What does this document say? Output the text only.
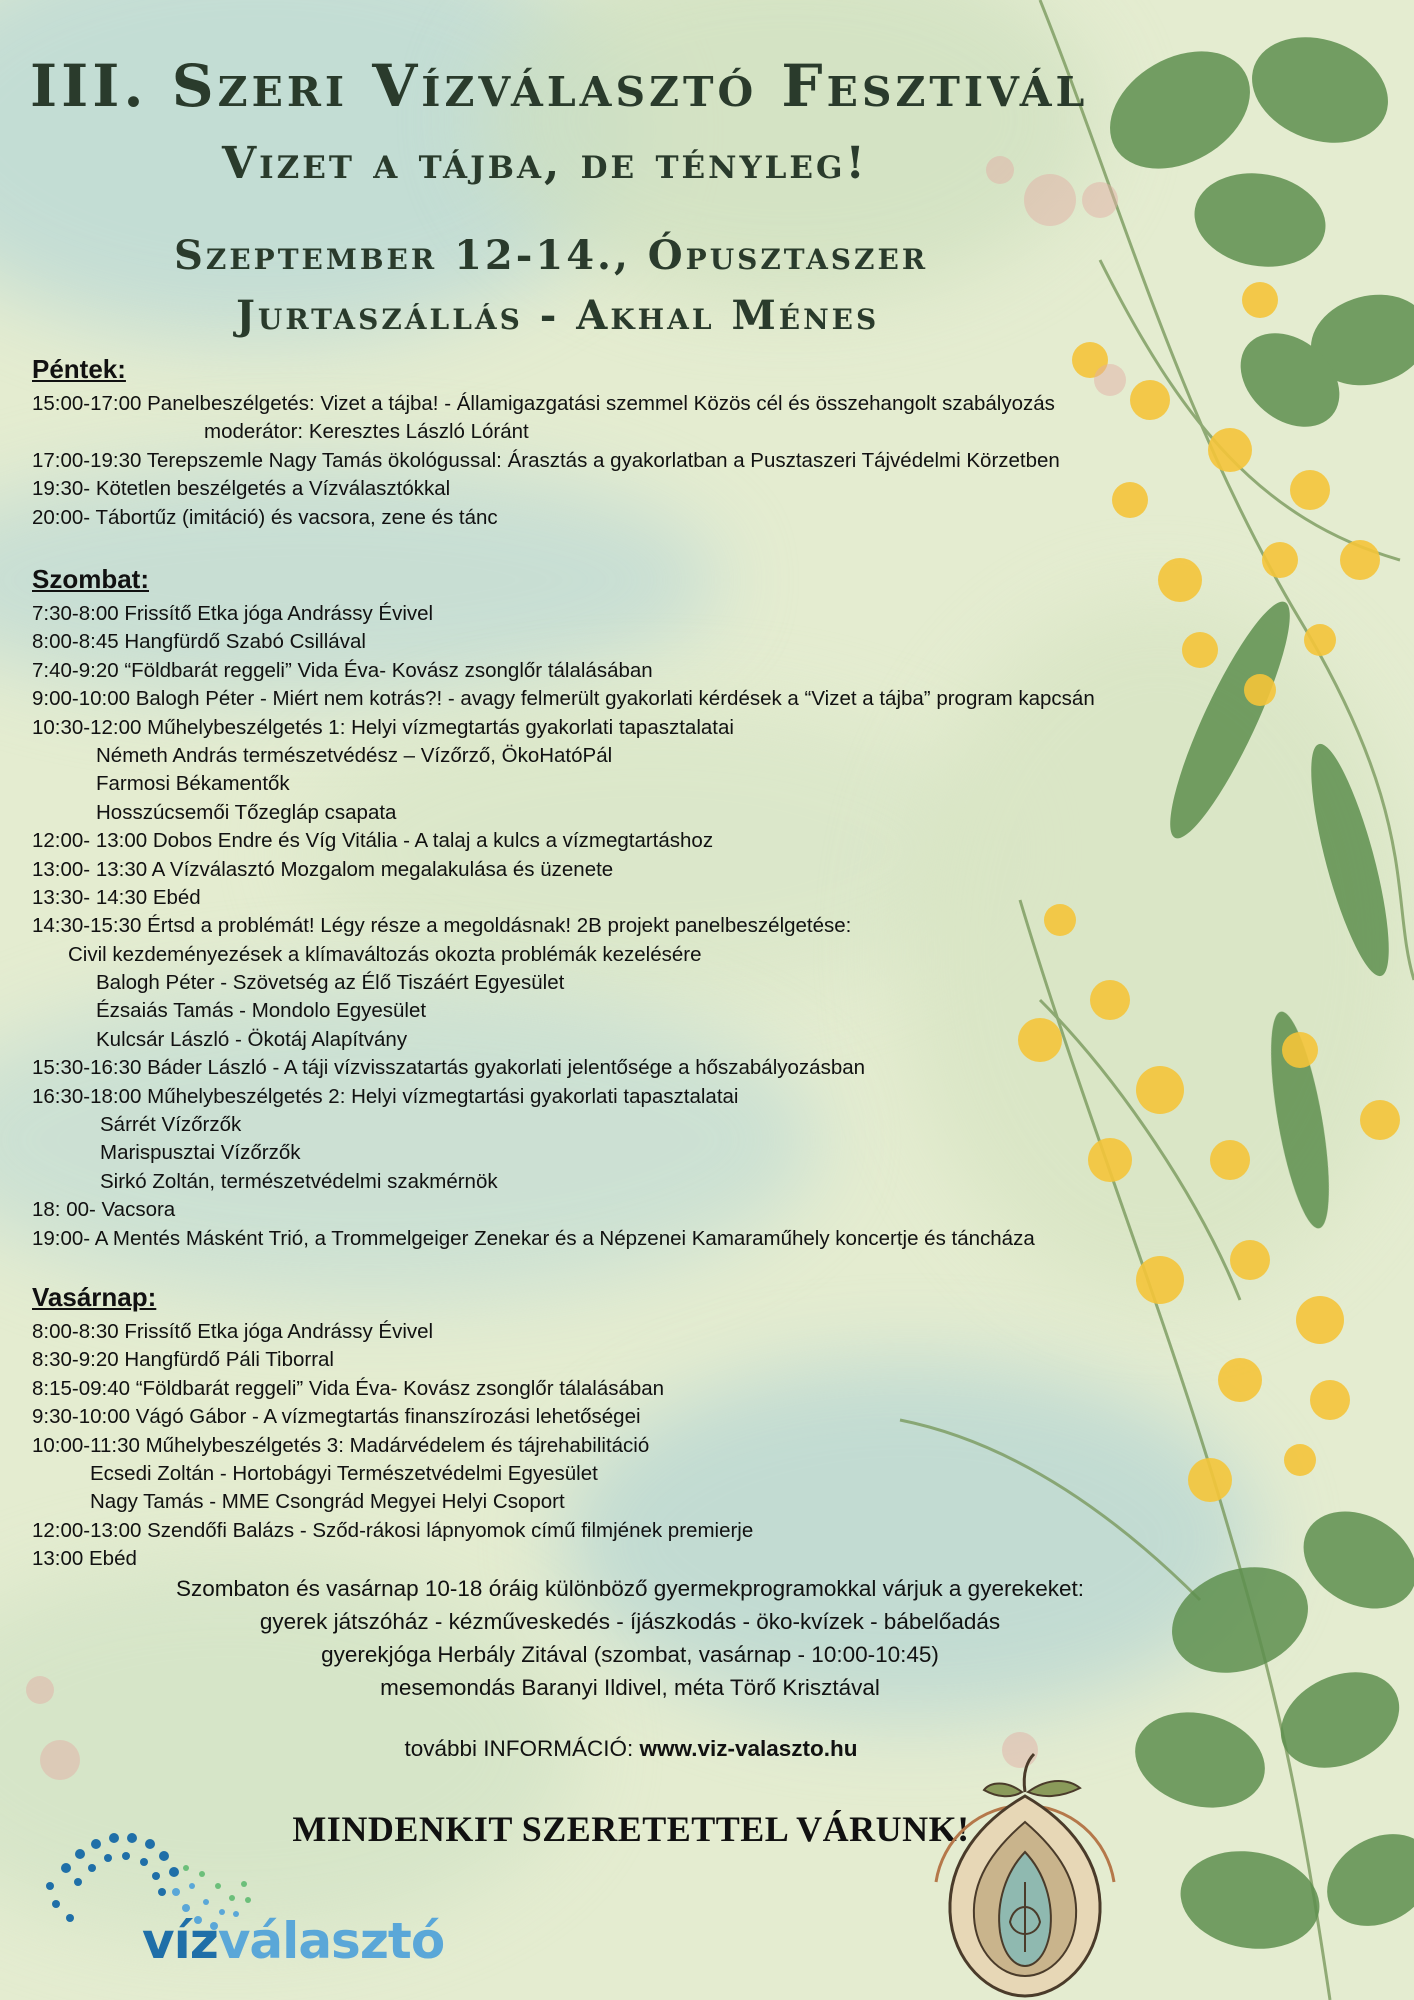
III. Szeri Vízválasztó Fesztivál
Vizet a tájba, de tényleg!
Szeptember 12-14., Ópusztaszer
Jurtaszállás - Akhal Ménes
Péntek:
15:00-17:00 Panelbeszélgetés: Vizet a tájba! - Államigazgatási szemmel Közös cél és összehangolt szabályozás
moderátor: Keresztes László Lóránt
17:00-19:30 Terepszemle Nagy Tamás ökológussal: Árasztás a gyakorlatban a Pusztaszeri Tájvédelmi Körzetben
19:30- Kötetlen beszélgetés a Vízválasztókkal
20:00- Tábortűz (imitáció) és vacsora, zene és tánc
Szombat:
7:30-8:00 Frissítő Etka jóga Andrássy Évivel
8:00-8:45 Hangfürdő Szabó Csillával
7:40-9:20 “Földbarát reggeli” Vida Éva- Kovász zsonglőr tálalásában
9:00-10:00 Balogh Péter - Miért nem kotrás?! - avagy felmerült gyakorlati kérdések a “Vizet a tájba” program kapcsán
10:30-12:00 Műhelybeszélgetés 1: Helyi vízmegtartás gyakorlati tapasztalatai
Németh András természetvédész – Vízőrző, ÖkoHatóPál
Farmosi Békamentők
Hosszúcsemői Tőzegláp csapata
12:00- 13:00 Dobos Endre és Víg Vitália - A talaj a kulcs a vízmegtartáshoz
13:00- 13:30 A Vízválasztó Mozgalom megalakulása és üzenete
13:30- 14:30 Ebéd
14:30-15:30 Értsd a problémát! Légy része a megoldásnak! 2B projekt panelbeszélgetése:
Civil kezdeményezések a klímaváltozás okozta problémák kezelésére
Balogh Péter - Szövetség az Élő Tiszáért Egyesület
Ézsaiás Tamás - Mondolo Egyesület
Kulcsár László - Ökotáj Alapítvány
15:30-16:30 Báder László - A táji vízvisszatartás gyakorlati jelentősége a hőszabályozásban
16:30-18:00 Műhelybeszélgetés 2: Helyi vízmegtartási gyakorlati tapasztalatai
Sárrét Vízőrzők
Marispusztai Vízőrzők
Sirkó Zoltán, természetvédelmi szakmérnök
18: 00- Vacsora
19:00- A Mentés Másként Trió, a Trommelgeiger Zenekar és a Népzenei Kamaraműhely koncertje és táncháza
Vasárnap:
8:00-8:30 Frissítő Etka jóga Andrássy Évivel
8:30-9:20 Hangfürdő Páli Tiborral
8:15-09:40 “Földbarát reggeli” Vida Éva- Kovász zsonglőr tálalásában
9:30-10:00 Vágó Gábor - A vízmegtartás finanszírozási lehetőségei
10:00-11:30 Műhelybeszélgetés 3: Madárvédelem és tájrehabilitáció
Ecsedi Zoltán - Hortobágyi Természetvédelmi Egyesület
Nagy Tamás - MME Csongrád Megyei Helyi Csoport
12:00-13:00 Szendőfi Balázs - Sződ-rákosi lápnyomok című filmjének premierje
13:00 Ebéd
Szombaton és vasárnap 10-18 óráig különböző gyermekprogramokkal várjuk a gyerekeket:
gyerek játszóház - kézműveskedés - íjászkodás - öko-kvízek - bábelőadás
gyerekjóga Herbály Zitával (szombat, vasárnap - 10:00-10:45)
mesemondás Baranyi Ildivel, méta Törő Krisztával
további INFORMÁCIÓ: www.viz-valaszto.hu
MINDENKIT SZERETETTEL VÁRUNK!
vízválasztó
